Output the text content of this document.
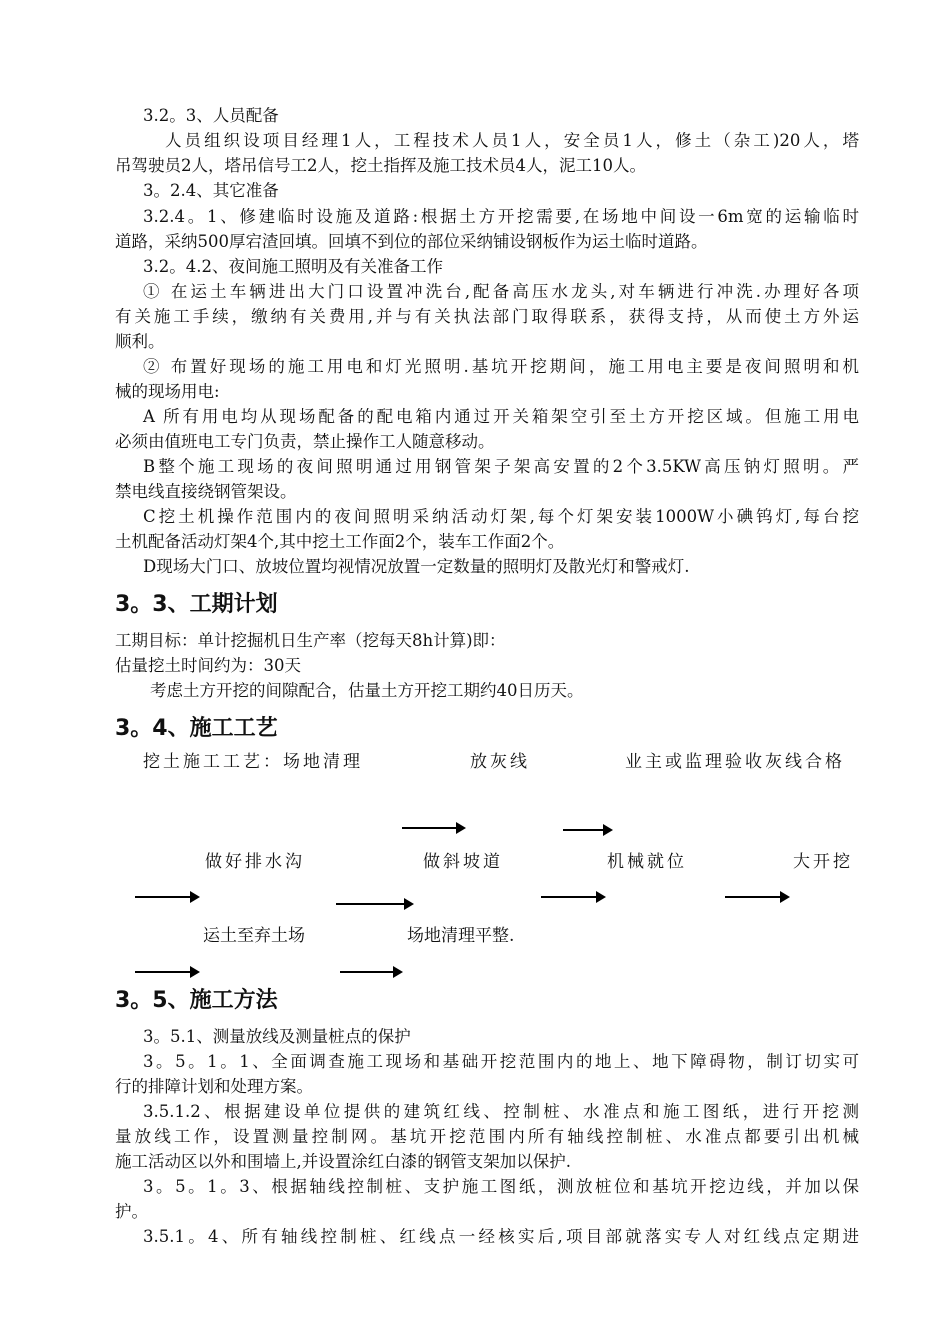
3.2。3、人员配备
人员组织设项目经理1人，工程技术人员1人，安全员1人，修土（杂工)20人，塔
吊驾驶员2人，塔吊信号工2人，挖土指挥及施工技术员4人，泥工10人。
3。2.4、其它准备
3.2.4。1、修建临时设施及道路:根据土方开挖需要,在场地中间设一6m宽的运输临时
道路，采纳500厚宕渣回填。回填不到位的部位采纳铺设钢板作为运土临时道路。
3.2。4.2、夜间施工照明及有关准备工作
① 在运土车辆进出大门口设置冲洗台,配备高压水龙头,对车辆进行冲洗.办理好各项
有关施工手续，缴纳有关费用,并与有关执法部门取得联系，获得支持，从而使土方外运
顺利。
② 布置好现场的施工用电和灯光照明.基坑开挖期间，施工用电主要是夜间照明和机
械的现场用电:
A 所有用电均从现场配备的配电箱内通过开关箱架空引至土方开挖区域。但施工用电
必须由值班电工专门负责，禁止操作工人随意移动。
B整个施工现场的夜间照明通过用钢管架子架高安置的2个3.5KW高压钠灯照明。严
禁电线直接绕钢管架设。
C挖土机操作范围内的夜间照明采纳活动灯架,每个灯架安装1000W小碘钨灯,每台挖
土机配备活动灯架4个,其中挖土工作面2个，装车工作面2个。
D现场大门口、放坡位置均视情况放置一定数量的照明灯及散光灯和警戒灯.
3。3、工期计划
工期目标：单计挖掘机日生产率（挖每天8h计算)即：
估量挖土时间约为：30天
考虑土方开挖的间隙配合，估量土方开挖工期约40日历天。
3。4、施工工艺
挖土施工工艺：场地清理	放灰线	业主或监理验收灰线合格
做好排水沟	做斜坡道	机械就位	大开挖
运土至弃土场	场地清理平整.
3。5、施工方法
3。5.1、测量放线及测量桩点的保护
3。5。1。1、全面调查施工现场和基础开挖范围内的地上、地下障碍物，制订切实可
行的排障计划和处理方案。
3.5.1.2、根据建设单位提供的建筑红线、控制桩、水准点和施工图纸，进行开挖测
量放线工作，设置测量控制网。基坑开挖范围内所有轴线控制桩、水准点都要引出机械
施工活动区以外和围墙上,并设置涂红白漆的钢管支架加以保护.
3。5。1。3、根据轴线控制桩、支护施工图纸，测放桩位和基坑开挖边线，并加以保
护。
3.5.1。4、所有轴线控制桩、红线点一经核实后,项目部就落实专人对红线点定期进
